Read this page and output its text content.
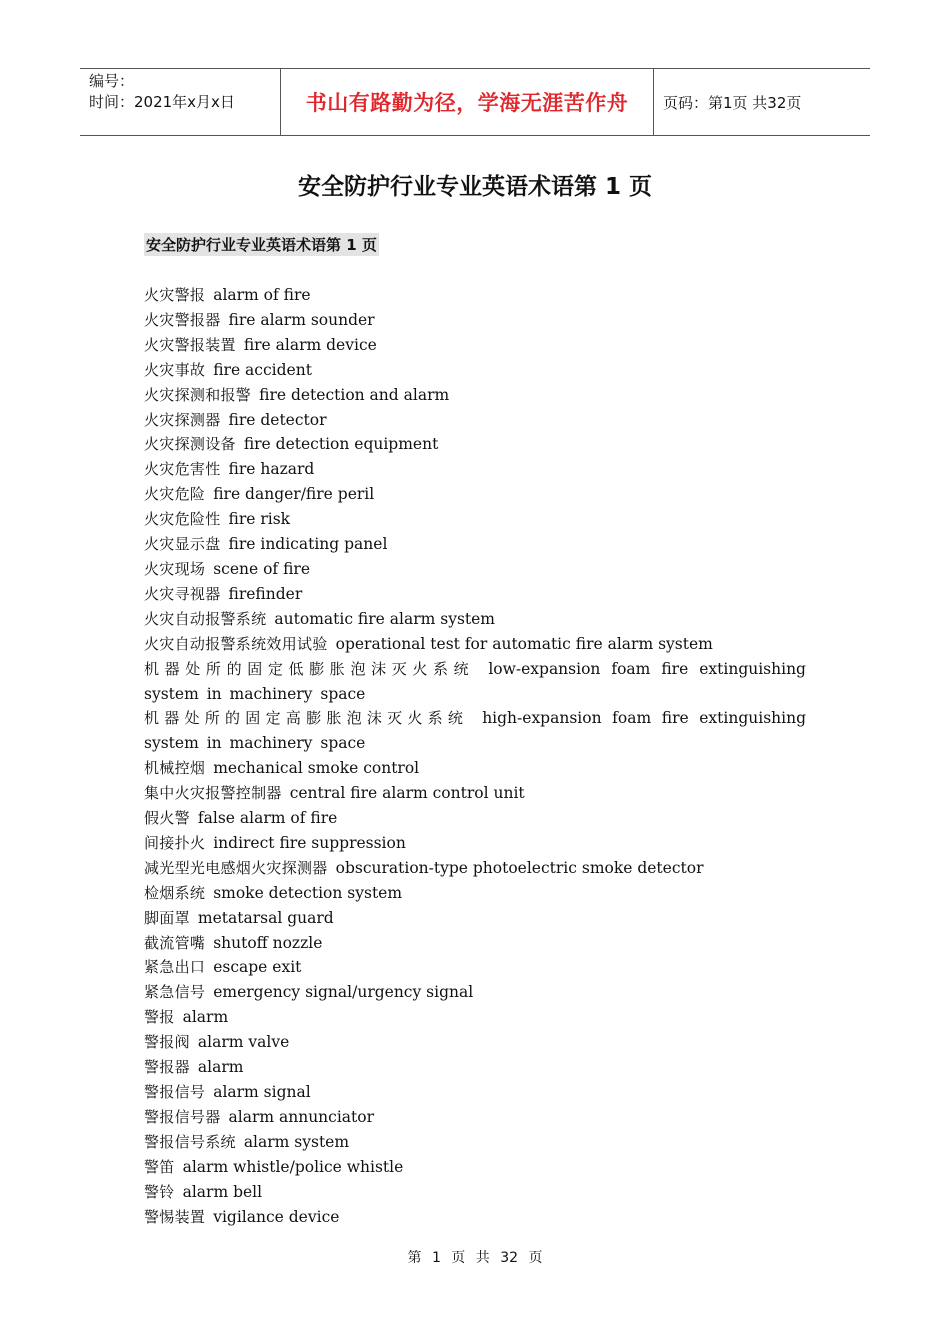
编号：
时间：2021年x月x日	书山有路勤为径，学海无涯苦作舟	页码：第1页 共32页
安全防护行业专业英语术语第 1 页
安全防护行业专业英语术语第 1 页
火灾警报 alarm of fire
火灾警报器 fire alarm sounder
火灾警报装置 fire alarm device
火灾事故 fire accident
火灾探测和报警 fire detection and alarm
火灾探测器 fire detector
火灾探测设备 fire detection equipment
火灾危害性 fire hazard
火灾危险 fire danger/fire peril
火灾危险性 fire risk
火灾显示盘 fire indicating panel
火灾现场 scene of fire
火灾寻视器 firefinder
火灾自动报警系统 automatic fire alarm system
火灾自动报警系统效用试验 operational test for automatic fire alarm system
机器处所的固定低膨胀泡沫灭火系统 low-expansion foam fire extinguishing system in machinery space
机器处所的固定高膨胀泡沫灭火系统 high-expansion foam fire extinguishing system in machinery space
机械控烟 mechanical smoke control
集中火灾报警控制器 central fire alarm control unit
假火警 false alarm of fire
间接扑火 indirect fire suppression
减光型光电感烟火灾探测器 obscuration-type photoelectric smoke detector
检烟系统 smoke detection system
脚面罩 metatarsal guard
截流管嘴 shutoff nozzle
紧急出口 escape exit
紧急信号 emergency signal/urgency signal
警报 alarm
警报阀 alarm valve
警报器 alarm
警报信号 alarm signal
警报信号器 alarm annunciator
警报信号系统 alarm system
警笛 alarm whistle/police whistle
警铃 alarm bell
警惕装置 vigilance device
第 1 页 共 32 页
